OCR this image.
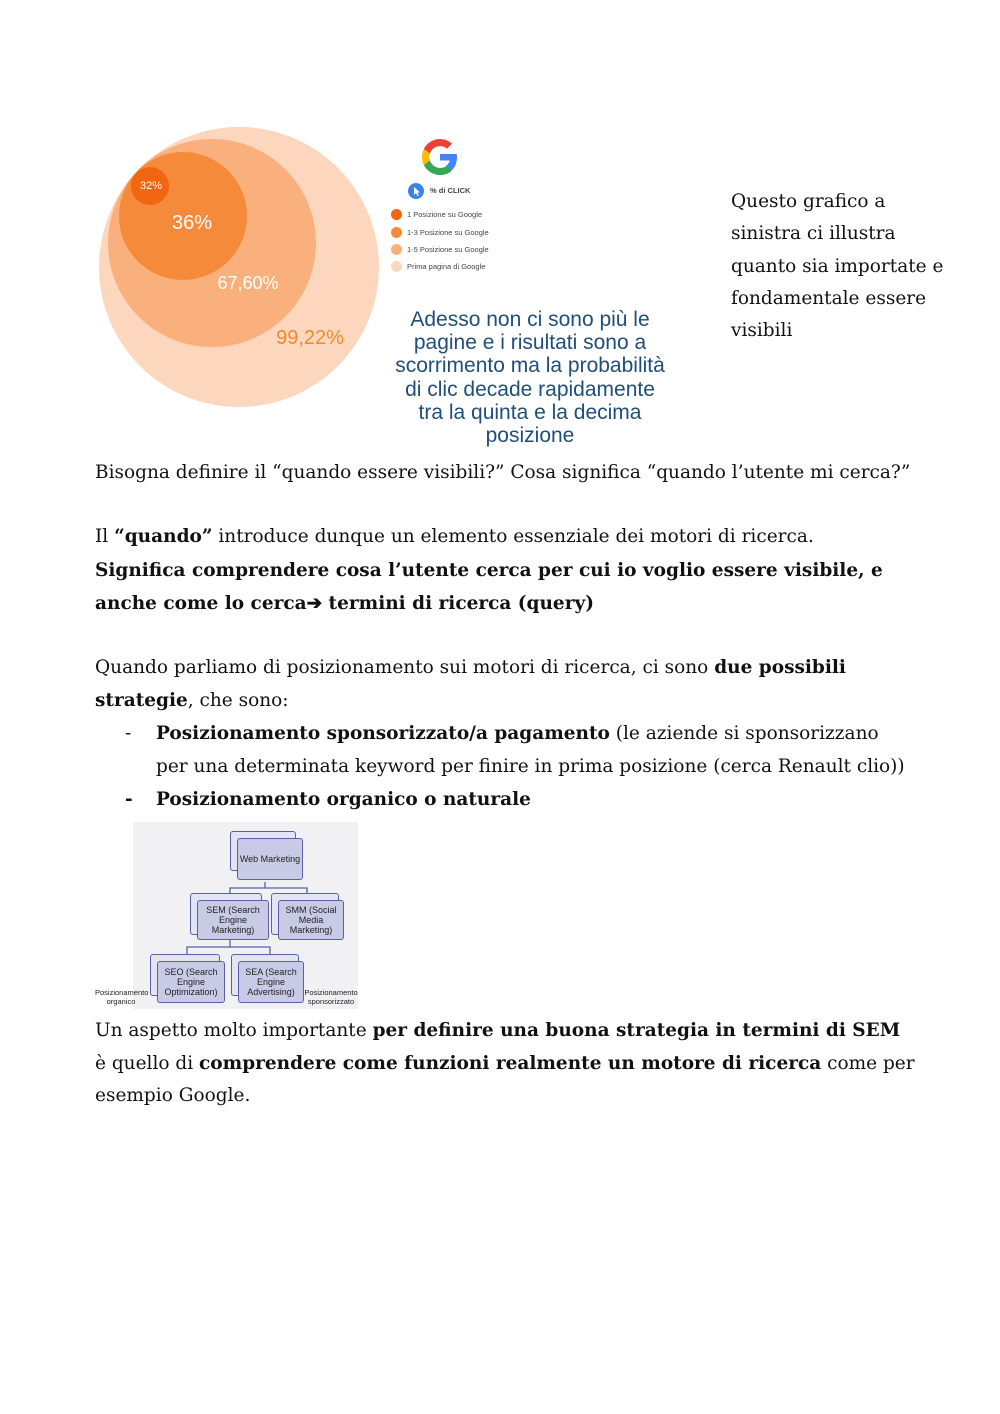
32%
36%
67,60%
99,22%
% di CLICK
1 Posizione su Google
1-3 Posizione su Google
1-5 Posizione su Google
Prima pagina di Google
Adesso non ci sono più le pagine e i risultati sono a scorrimento ma la probabilità di clic decade rapidamente tra la quinta e la decima posizione
Questo grafico a sinistra ci illustra quanto sia importate e fondamentale essere visibili
Bisogna definire il “quando essere visibili?” Cosa significa “quando l’utente mi cerca?”
Il “quando” introduce dunque un elemento essenziale dei motori di ricerca.
Significa comprendere cosa l’utente cerca per cui io voglio essere visibile, e anche come lo cerca➔ termini di ricerca (query)
Quando parliamo di posizionamento sui motori di ricerca, ci sono due possibili strategie, che sono:
- Posizionamento sponsorizzato/a pagamento (le aziende si sponsorizzano per una determinata keyword per finire in prima posizione (cerca Renault clio))
- Posizionamento organico o naturale
Web Marketing
SEM (Search Engine Marketing)
SMM (Social Media Marketing)
SEO (Search Engine Optimization)
SEA (Search Engine Advertising)
Posizionamento organico
Posizionamento sponsorizzato
Un aspetto molto importante per definire una buona strategia in termini di SEM è quello di comprendere come funzioni realmente un motore di ricerca come per esempio Google.
